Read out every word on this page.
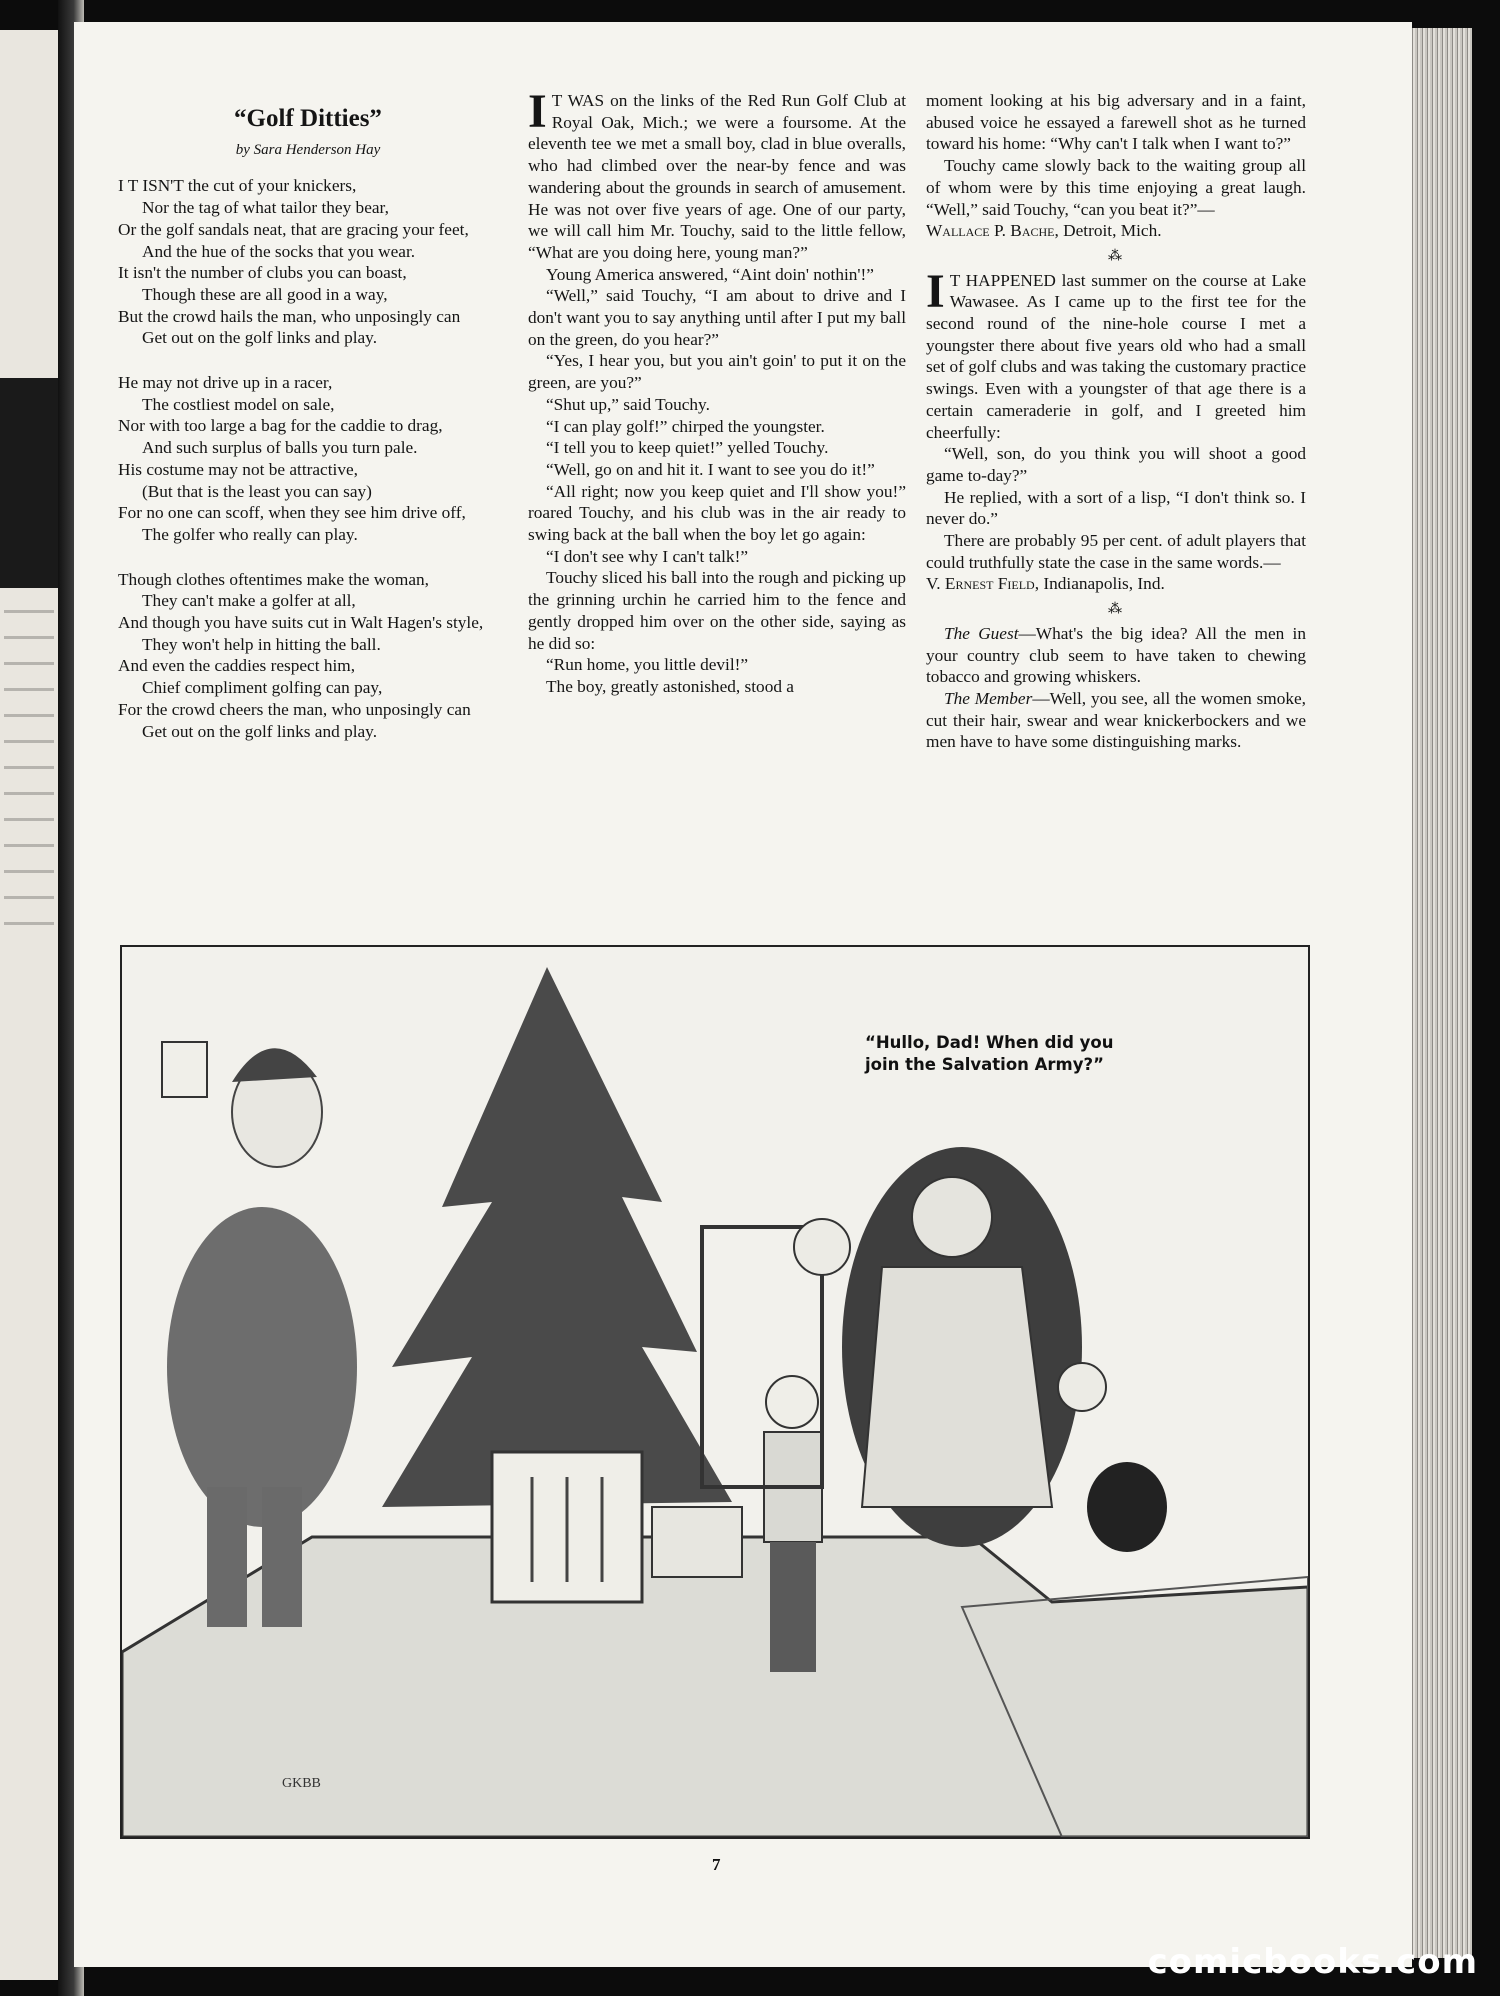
“Golf Ditties”
by Sara Henderson Hay

I T ISN'T the cut of your knickers,

Nor the tag of what tailor they bear,

Or the golf sandals neat, that are gracing your feet,

And the hue of the socks that you wear.

It isn't the number of clubs you can boast,

Though these are all good in a way,

But the crowd hails the man, who unposingly can

Get out on the golf links and play.

He may not drive up in a racer,

The costliest model on sale,

Nor with too large a bag for the caddie to drag,

And such surplus of balls you turn pale.

His costume may not be attractive,

(But that is the least you can say)

For no one can scoff, when they see him drive off,

The golfer who really can play.

Though clothes oftentimes make the woman,

They can't make a golfer at all,

And though you have suits cut in Walt Hagen's style,

They won't help in hitting the ball.

And even the caddies respect him,

Chief compliment golfing can pay,

For the crowd cheers the man, who unposingly can

Get out on the golf links and play.

I T WAS on the links of the Red Run Golf Club at Royal Oak, Mich.; we were a foursome. At the eleventh tee we met a small boy, clad in blue overalls, who had climbed over the near-by fence and was wandering about the grounds in search of amusement. He was not over five years of age. One of our party, we will call him Mr. Touchy, said to the little fellow, “What are you doing here, young man?”

Young America answered, “Aint doin' nothin'!”

“Well,” said Touchy, “I am about to drive and I don't want you to say anything until after I put my ball on the green, do you hear?”

“Yes, I hear you, but you ain't goin' to put it on the green, are you?”

“Shut up,” said Touchy.

“I can play golf!” chirped the youngster.

“I tell you to keep quiet!” yelled Touchy.

“Well, go on and hit it. I want to see you do it!”

“All right; now you keep quiet and I'll show you!” roared Touchy, and his club was in the air ready to swing back at the ball when the boy let go again:

“I don't see why I can't talk!”

Touchy sliced his ball into the rough and picking up the grinning urchin he carried him to the fence and gently dropped him over on the other side, saying as he did so:

“Run home, you little devil!”

The boy, greatly astonished, stood a

moment looking at his big adversary and in a faint, abused voice he essayed a farewell shot as he turned toward his home: “Why can't I talk when I want to?”

Touchy came slowly back to the waiting group all of whom were by this time enjoying a great laugh. “Well,” said Touchy, “can you beat it?”—

Wallace P. Bache, Detroit, Mich.

⁂

I T HAPPENED last summer on the course at Lake Wawasee. As I came up to the first tee for the second round of the nine-hole course I met a youngster there about five years old who had a small set of golf clubs and was taking the customary practice swings. Even with a youngster of that age there is a certain cameraderie in golf, and I greeted him cheerfully:

“Well, son, do you think you will shoot a good game to-day?”

He replied, with a sort of a lisp, “I don't think so. I never do.”

There are probably 95 per cent. of adult players that could truthfully state the case in the same words.—

V. Ernest Field, Indianapolis, Ind.

⁂

The Guest—What's the big idea? All the men in your country club seem to have taken to chewing tobacco and growing whiskers.

The Member—Well, you see, all the women smoke, cut their hair, swear and wear knickerbockers and we men have to have some distinguishing marks.

GKBB
“Hullo, Dad! When did you
join the Salvation Army?”
7
comicbooks.com
